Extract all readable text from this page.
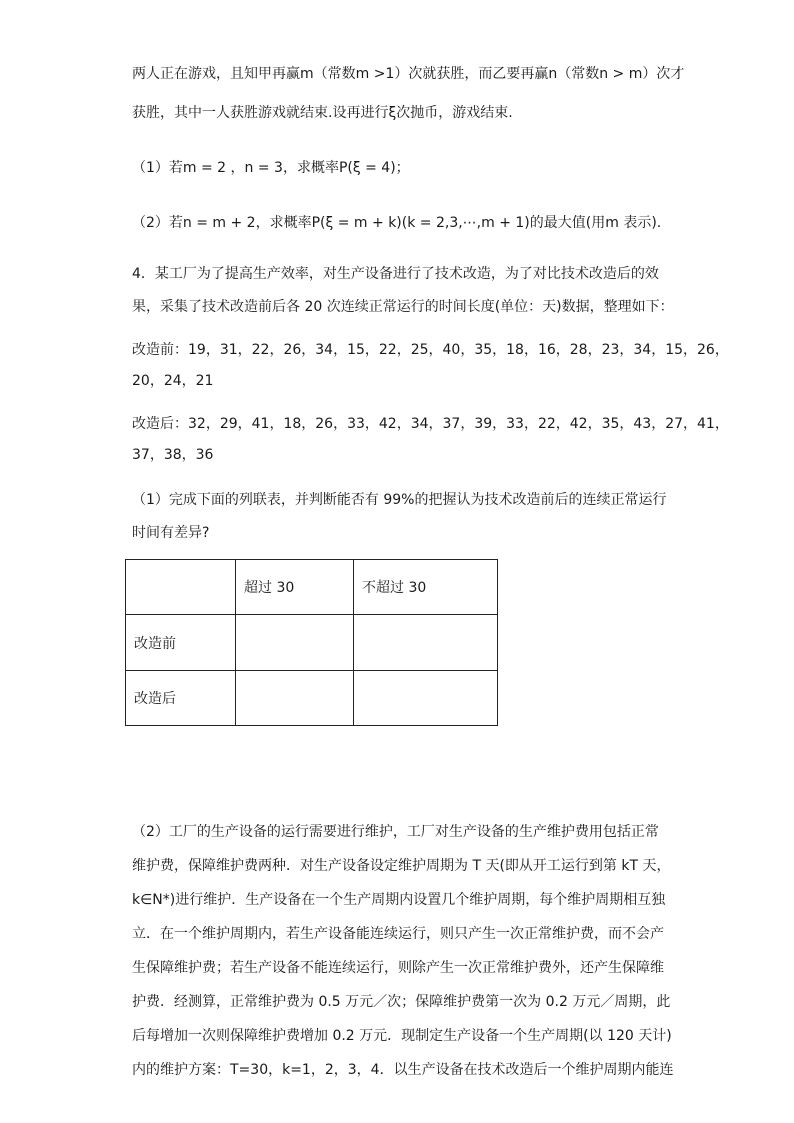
两人正在游戏，且知甲再赢m（常数m >1）次就获胜，而乙要再赢n（常数n > m）次才
获胜，其中一人获胜游戏就结束.设再进行ξ次抛币，游戏结束.
（1）若m = 2 ，n = 3，求概率P(ξ = 4)；
（2）若n = m + 2，求概率P(ξ = m + k)(k = 2,3,⋯,m + 1)的最大值(用m 表示).
4．某工厂为了提高生产效率，对生产设备进行了技术改造，为了对比技术改造后的效
果，采集了技术改造前后各 20 次连续正常运行的时间长度(单位：天)数据，整理如下：
改造前：19，31，22，26，34，15，22，25，40，35，18，16，28，23，34，15，26，
20，24，21
改造后：32，29，41，18，26，33，42，34，37，39，33，22，42，35，43，27，41，
37，38，36
（1）完成下面的列联表，并判断能否有 99%的把握认为技术改造前后的连续正常运行
时间有差异?
	超过 30	不超过 30
改造前		
改造后		
（2）工厂的生产设备的运行需要进行维护，工厂对生产设备的生产维护费用包括正常
维护费，保障维护费两种．对生产设备设定维护周期为 T 天(即从开工运行到第 kT 天，
k∈N*)进行维护．生产设备在一个生产周期内设置几个维护周期，每个维护周期相互独
立．在一个维护周期内，若生产设备能连续运行，则只产生一次正常维护费，而不会产
生保障维护费；若生产设备不能连续运行，则除产生一次正常维护费外，还产生保障维
护费．经测算，正常维护费为 0.5 万元／次；保障维护费第一次为 0.2 万元／周期，此
后每增加一次则保障维护费增加 0.2 万元．现制定生产设备一个生产周期(以 120 天计)
内的维护方案：T=30，k=1，2，3，4．以生产设备在技术改造后一个维护周期内能连
